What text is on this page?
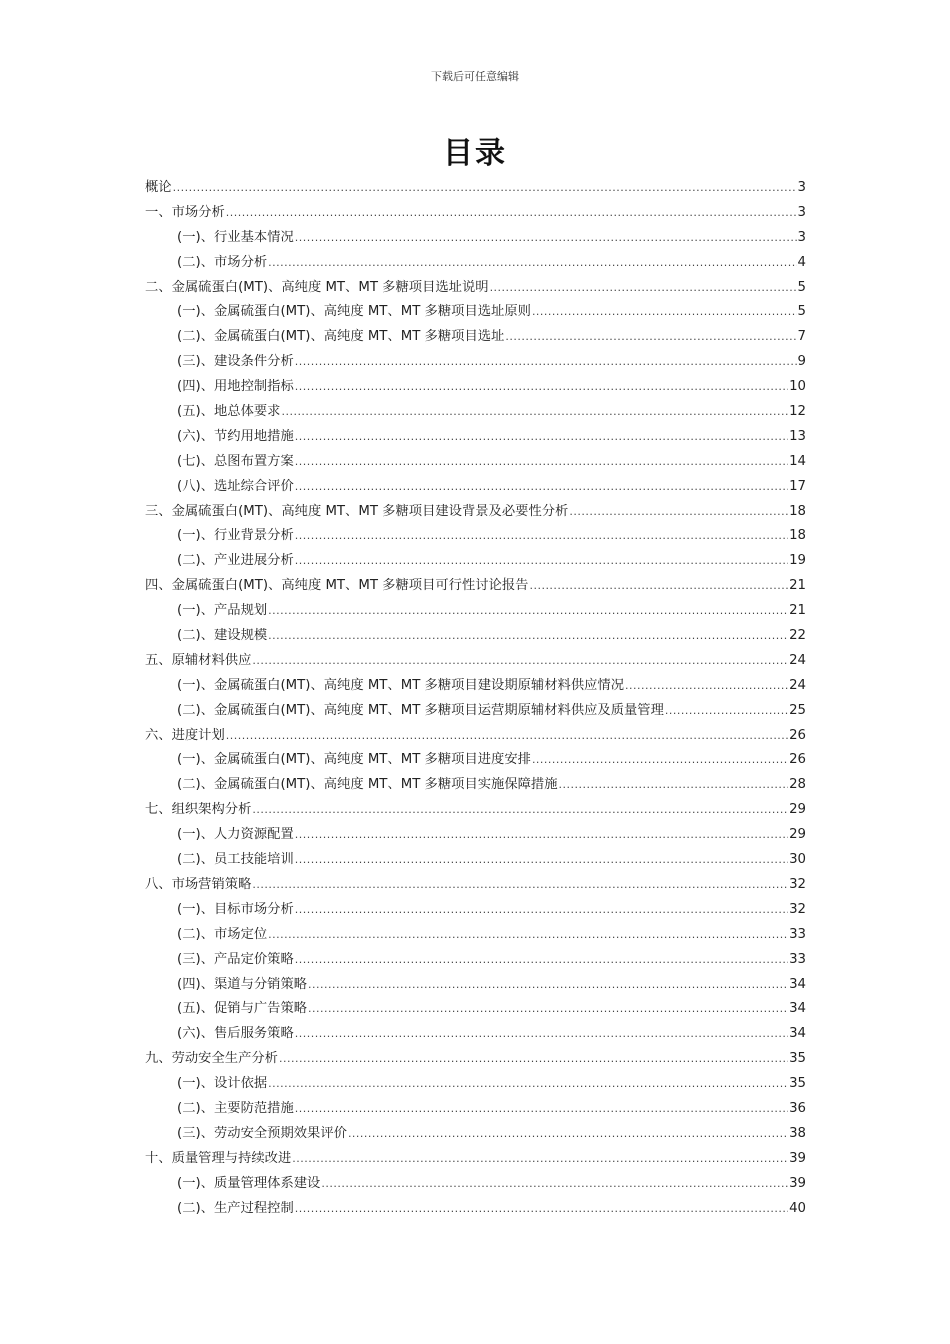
下载后可任意编辑
目录
概论 .....	3
一、市场分析 .....	3
(一)、行业基本情况 .....	3
(二)、市场分析 .....	4
二、金属硫蛋白(MT)、高纯度 MT、MT 多糖项目选址说明 .....	5
(一)、金属硫蛋白(MT)、高纯度 MT、MT 多糖项目选址原则 .....	5
(二)、金属硫蛋白(MT)、高纯度 MT、MT 多糖项目选址 .....	7
(三)、建设条件分析 .....	9
(四)、用地控制指标 .....	10
(五)、地总体要求 .....	12
(六)、节约用地措施 .....	13
(七)、总图布置方案 .....	14
(八)、选址综合评价 .....	17
三、金属硫蛋白(MT)、高纯度 MT、MT 多糖项目建设背景及必要性分析 .....	18
(一)、行业背景分析 .....	18
(二)、产业进展分析 .....	19
四、金属硫蛋白(MT)、高纯度 MT、MT 多糖项目可行性讨论报告 .....	21
(一)、产品规划 .....	21
(二)、建设规模 .....	22
五、原辅材料供应 .....	24
(一)、金属硫蛋白(MT)、高纯度 MT、MT 多糖项目建设期原辅材料供应情况 .....	24
(二)、金属硫蛋白(MT)、高纯度 MT、MT 多糖项目运营期原辅材料供应及质量管理 .....	25
六、进度计划 .....	26
(一)、金属硫蛋白(MT)、高纯度 MT、MT 多糖项目进度安排 .....	26
(二)、金属硫蛋白(MT)、高纯度 MT、MT 多糖项目实施保障措施 .....	28
七、组织架构分析 .....	29
(一)、人力资源配置 .....	29
(二)、员工技能培训 .....	30
八、市场营销策略 .....	32
(一)、目标市场分析 .....	32
(二)、市场定位 .....	33
(三)、产品定价策略 .....	33
(四)、渠道与分销策略 .....	34
(五)、促销与广告策略 .....	34
(六)、售后服务策略 .....	34
九、劳动安全生产分析 .....	35
(一)、设计依据 .....	35
(二)、主要防范措施 .....	36
(三)、劳动安全预期效果评价 .....	38
十、质量管理与持续改进 .....	39
(一)、质量管理体系建设 .....	39
(二)、生产过程控制 .....	40
